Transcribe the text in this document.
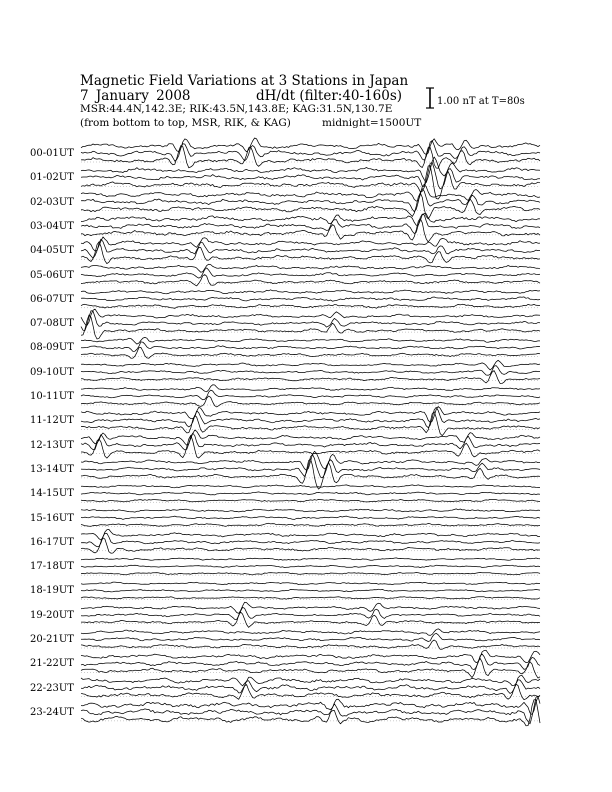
Magnetic Field Variations at 3 Stations in Japan
7 January 2008	dH/dt (filter:40-160s)
MSR:44.4N,142.3E; RIK:43.5N,143.8E; KAG:31.5N,130.7E
(from bottom to top, MSR, RIK, & KAG)	midnight=1500UT
1.00 nT at T=80s
00-01UT
01-02UT
02-03UT
03-04UT
04-05UT
05-06UT
06-07UT
07-08UT
08-09UT
09-10UT
10-11UT
11-12UT
12-13UT
13-14UT
14-15UT
15-16UT
16-17UT
17-18UT
18-19UT
19-20UT
20-21UT
21-22UT
22-23UT
23-24UT
